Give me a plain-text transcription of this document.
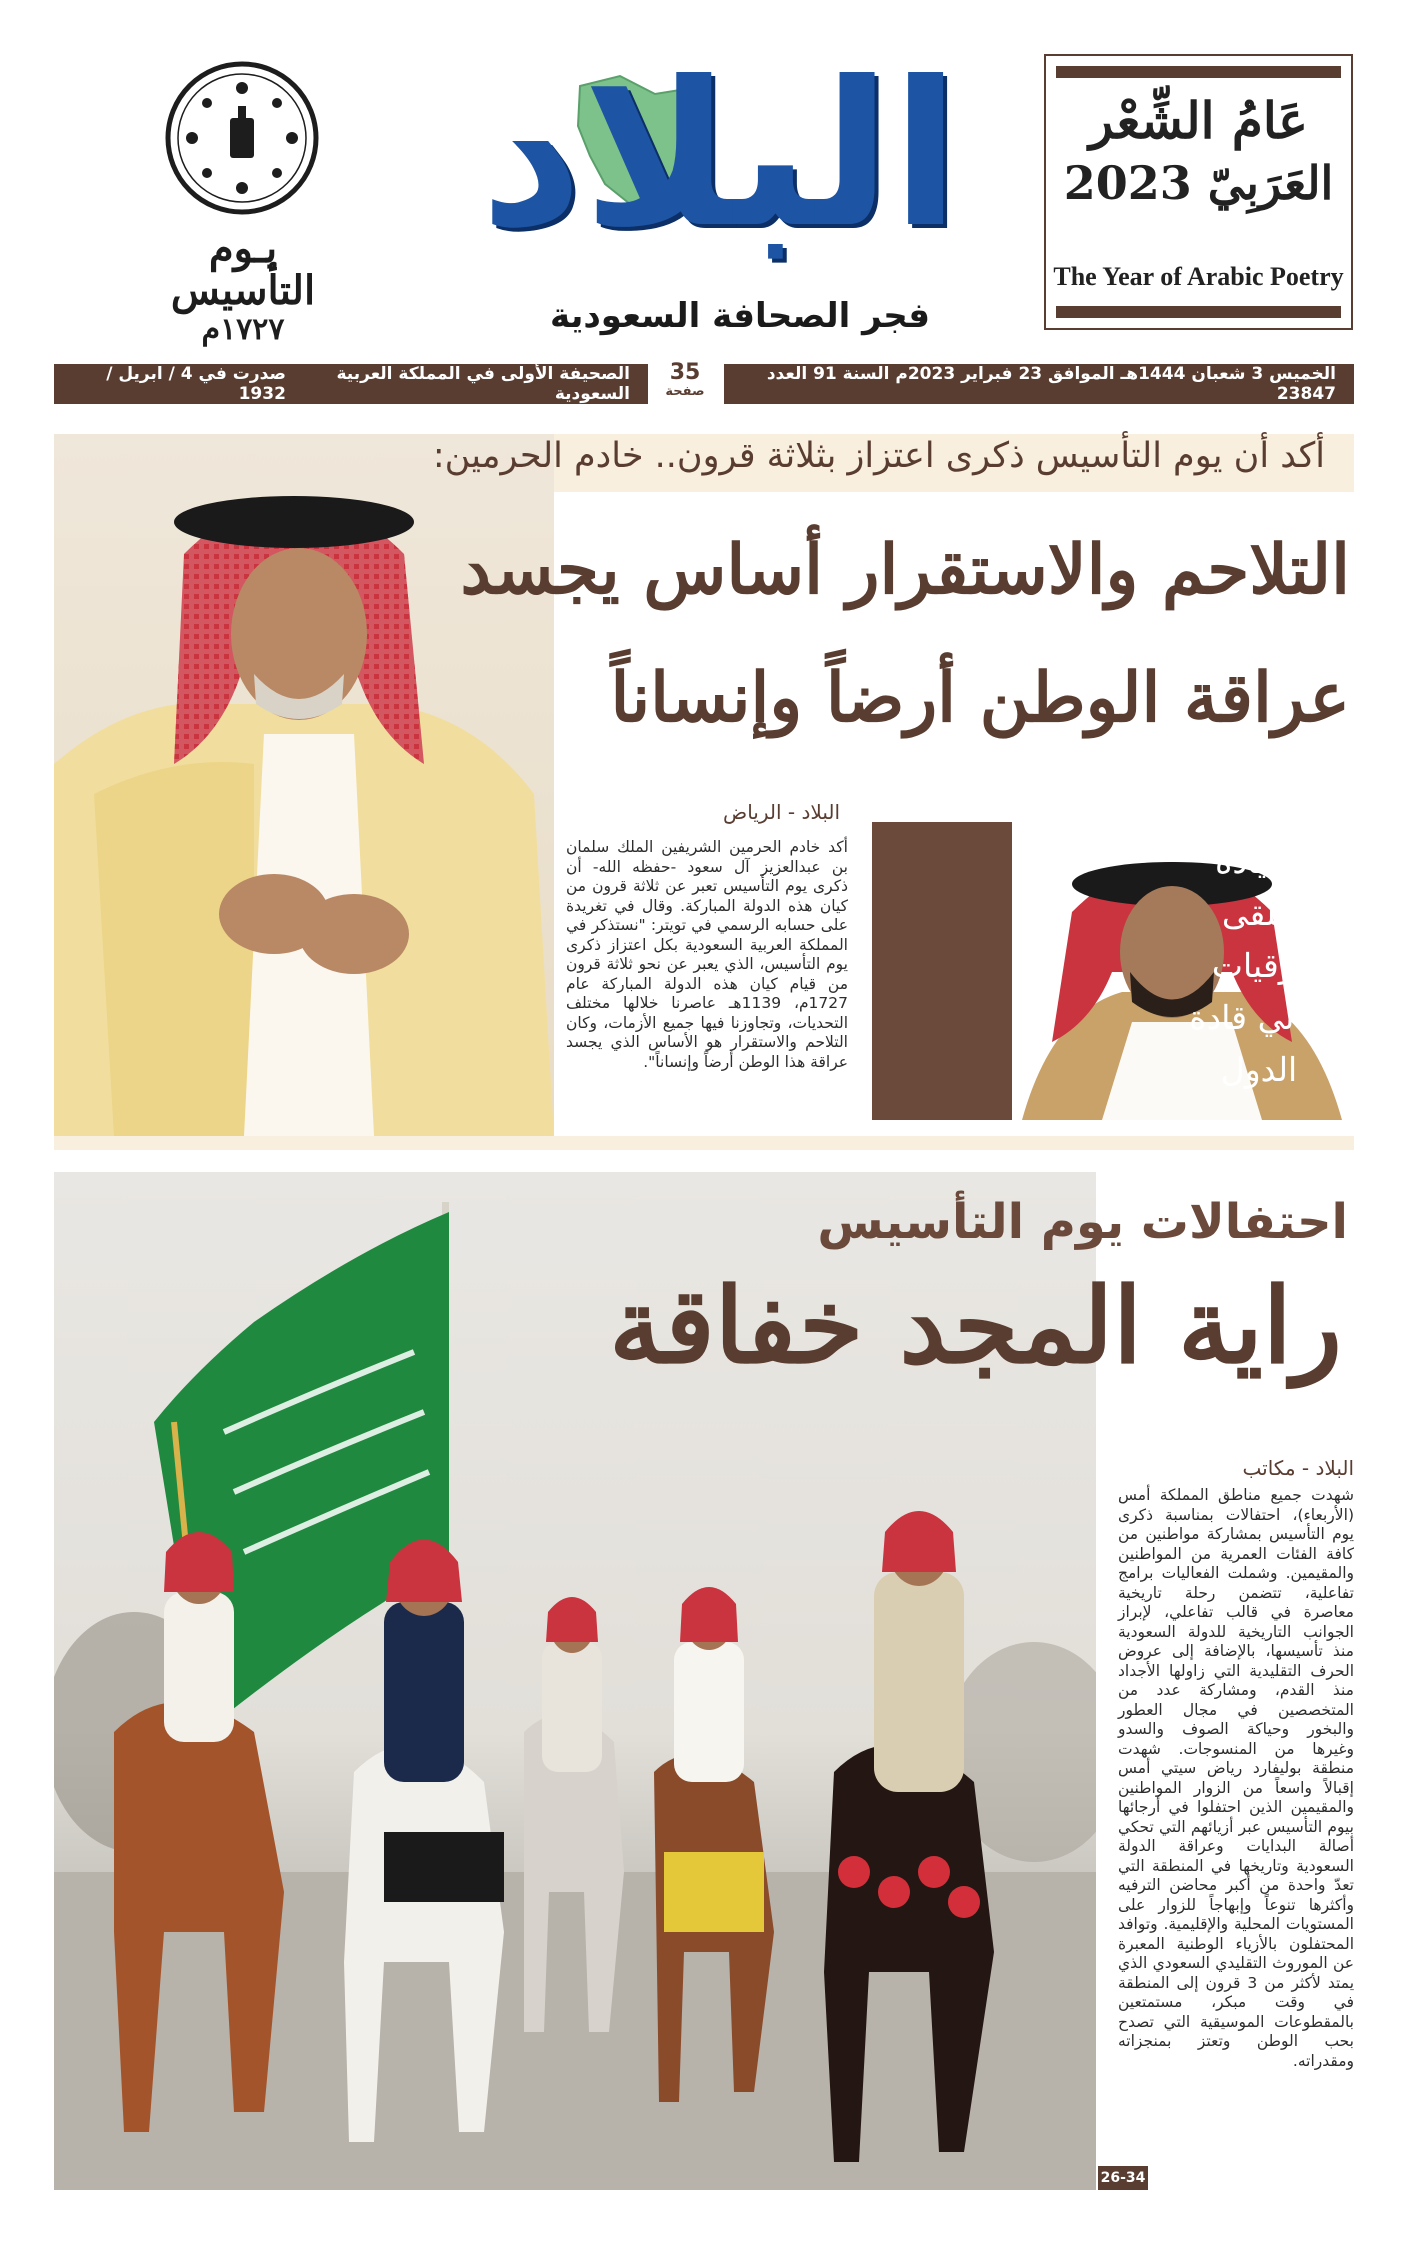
عَامُ الشِّعْر
العَرَبِيّ 2023
The Year of Arabic Poetry
البلاد
فجر الصحافة السعودية
يـوم
التأسيس
١٧٢٧م
الخميس 3 شعبان 1444هـ الموافق 23 فبراير 2023م السنة 91 العدد 23847
35
صفحة
الصحيفة الأولى في المملكة العربية السعودية
صدرت في 4 / ابريل / 1932
أكد أن يوم التأسيس ذكرى اعتزاز بثلاثة قرون.. خادم الحرمين:
التلاحم والاستقرار أساس يجسد
عراقة الوطن أرضاً وإنساناً
البلاد - الرياض
أكد خادم الحرمين الشريفين الملك سلمان بن عبدالعزيز آل سعود -حفظه الله- أن ذكرى يوم التأسيس تعبر عن ثلاثة قرون من كيان هذه الدولة المباركة. وقال في تغريدة على حسابه الرسمي في تويتر: "نستذكر في المملكة العربية السعودية بكل اعتزاز ذكرى يوم التأسيس، الذي يعبر عن نحو ثلاثة قرون من قيام كيان هذه الدولة المباركة عام 1727م، 1139هـ عاصرنا خلالها مختلف التحديات، وتجاوزنا فيها جميع الأزمات، وكان التلاحم والاستقرار هو الأساس الذي يجسد عراقة هذا الوطن أرضاً وإنساناً".
القيادة
تتلقى
برقيات
تهاني قادة
الدول
احتفالات يوم التأسيس
راية المجد خفاقة
البلاد - مكاتب
شهدت جميع مناطق المملكة أمس (الأربعاء)، احتفالات بمناسبة ذكرى يوم التأسيس بمشاركة مواطنين من كافة الفئات العمرية من المواطنين والمقيمين. وشملت الفعاليات برامج تفاعلية، تتضمن رحلة تاريخية معاصرة في قالب تفاعلي، لإبراز الجوانب التاريخية للدولة السعودية منذ تأسيسها، بالإضافة إلى عروض الحرف التقليدية التي زاولها الأجداد منذ القدم، ومشاركة عدد من المتخصصين في مجال العطور والبخور وحياكة الصوف والسدو وغيرها من المنسوجات. شهدت منطقة بوليفارد رياض سيتي أمس إقبالاً واسعاً من الزوار المواطنين والمقيمين الذين احتفلوا في أرجائها بيوم التأسيس عبر أزيائهم التي تحكي أصالة البدايات وعراقة الدولة السعودية وتاريخها في المنطقة التي تعدّ واحدة من أكبر محاضن الترفيه وأكثرها تنوعاً وإبهاجاً للزوار على المستويات المحلية والإقليمية. وتوافد المحتفلون بالأزياء الوطنية المعبرة عن الموروث التقليدي السعودي الذي يمتد لأكثر من 3 قرون إلى المنطقة في وقت مبكر، مستمتعين بالمقطوعات الموسيقية التي تصدح بحب الوطن وتعتز بمنجزاته ومقدراته.
26-34
